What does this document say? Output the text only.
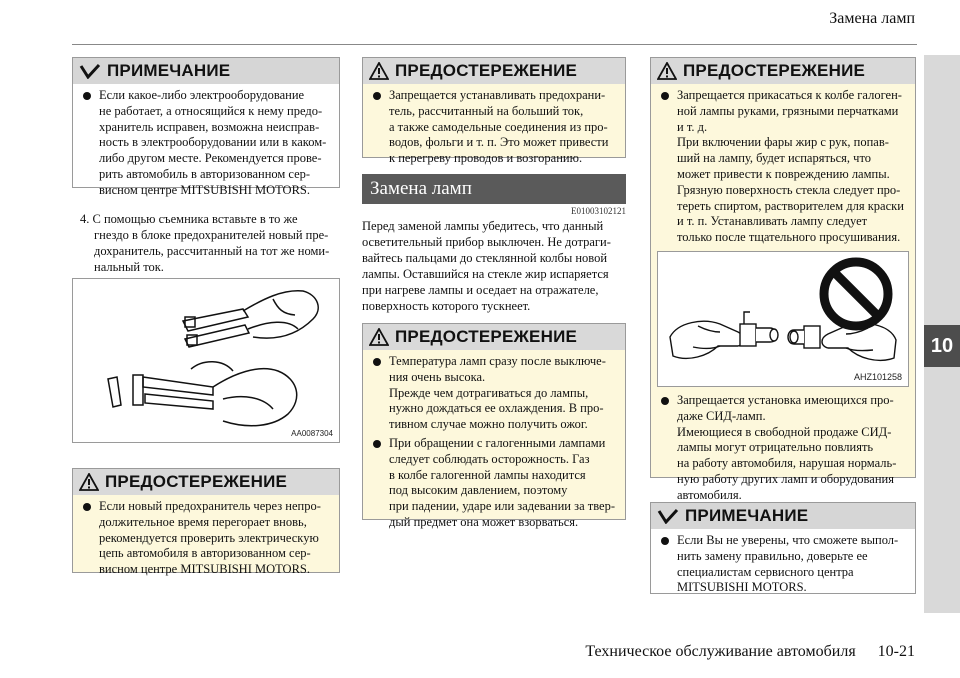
Замена ламп
10
Техническое обслуживание автомобиля 10-21
ПРИМЕЧАНИЕ
Если какое-либо электрооборудование
не работает, а относящийся к нему предо-
хранитель исправен, возможна неисправ-
ность в электрооборудовании или в каком-
либо другом месте. Рекомендуется прове-
рить автомобиль в авторизованном сер-
висном центре MITSUBISHI MOTORS.
4. С помощью съемника вставьте в то же
гнездо в блоке предохранителей новый пре-
дохранитель, рассчитанный на тот же номи-
нальный ток.
AA0087304
ПРЕДОСТЕРЕЖЕНИЕ
Если новый предохранитель через непро-
должительное время перегорает вновь,
рекомендуется проверить электрическую
цепь автомобиля в авторизованном сер-
висном центре MITSUBISHI MOTORS.
ПРЕДОСТЕРЕЖЕНИЕ
Запрещается устанавливать предохрани-
тель, рассчитанный на больший ток,
а также самодельные соединения из про-
водов, фольги и т. п. Это может привести
к перегреву проводов и возгоранию.
Замена ламп
E01003102121
Перед заменой лампы убедитесь, что данный
осветительный прибор выключен. Не дотраги-
вайтесь пальцами до стеклянной колбы новой
лампы. Оставшийся на стекле жир испаряется
при нагреве лампы и оседает на отражателе,
поверхность которого тускнеет.
ПРЕДОСТЕРЕЖЕНИЕ
Температура ламп сразу после выключе-
ния очень высока.
Прежде чем дотрагиваться до лампы,
нужно дождаться ее охлаждения. В про-
тивном случае можно получить ожог.
При обращении с галогенными лампами
следует соблюдать осторожность. Газ
в колбе галогенной лампы находится
под высоким давлением, поэтому
при падении, ударе или задевании за твер-
дый предмет она может взорваться.
ПРЕДОСТЕРЕЖЕНИЕ
Запрещается прикасаться к колбе галоген-
ной лампы руками, грязными перчатками
и т. д.
При включении фары жир с рук, попав-
ший на лампу, будет испаряться, что
может привести к повреждению лампы.
Грязную поверхность стекла следует про-
тереть спиртом, растворителем для краски
и т. п. Устанавливать лампу следует
только после тщательного просушивания.
AHZ101258
Запрещается установка имеющихся про-
даже СИД-ламп.
Имеющиеся в свободной продаже СИД-
лампы могут отрицательно повлиять
на работу автомобиля, нарушая нормаль-
ную работу других ламп и оборудования
автомобиля.
ПРИМЕЧАНИЕ
Если Вы не уверены, что сможете выпол-
нить замену правильно, доверьте ее
специалистам сервисного центра
MITSUBISHI MOTORS.
